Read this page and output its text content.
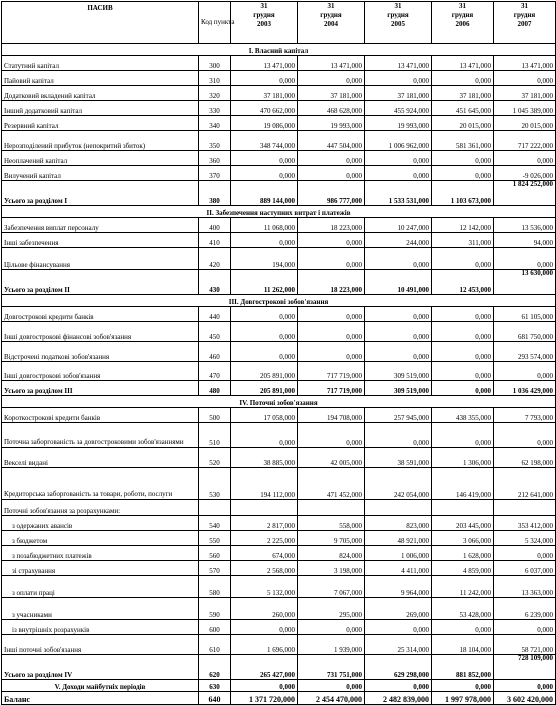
ПАСИВ	Код пункта	31
грудня
2003	31
грудня
2004	31
грудня
2005	31
грудня
2006	31
грудня
2007
І. Власний капітал						
Статутний капітал	300	13 471,000	13 471,000	13 471,000	13 471,000	13 471,000
Пайовий капітал	310	0,000	0,000	0,000	0,000	0,000
Додатковий вкладений капітал	320	37 181,000	37 181,000	37 181,000	37 181,000	37 181,000
Інший додатковий капітал	330	470 662,000	468 628,000	455 924,000	451 645,000	1 045 389,000
Резервний капітал	340	19 086,000	19 993,000	19 993,000	20 015,000	20 015,000
Нерозподілений прибуток (непокритий збиток)	350	348 744,000	447 504,000	1 006 962,000	581 361,000	717 222,000
Неоплачений капітал	360	0,000	0,000	0,000	0,000	0,000
Вилучений капітал	370	0,000	0,000	0,000	0,000	-9 026,000
Усього за розділом І	380	889 144,000	986 777,000	1 533 531,000	1 103 673,000	1 824 252,000
ІІ. Забезпечення наступних витрат і платежів						
Забезпечення виплат персоналу	400	11 068,000	18 223,000	10 247,000	12 142,000	13 536,000
Інші забезпечення	410	0,000	0,000	244,000	311,000	94,000
Цільове фінансування	420	194,000	0,000	0,000	0,000	0,000
Усього за розділом ІІ	430	11 262,000	18 223,000	10 491,000	12 453,000	13 630,000
ІІІ. Довгострокові зобов'язання						
Довгострокові кредити банків	440	0,000	0,000	0,000	0,000	61 105,000
Інші довгострокові фінансові зобов'язання	450	0,000	0,000	0,000	0,000	681 750,000
Відстрочені податкові зобов'язання	460	0,000	0,000	0,000	0,000	293 574,000
Інші довгострокові зобов'язання	470	205 891,000	717 719,000	309 519,000	0,000	0,000
Усього за розділом ІІІ	480	205 891,000	717 719,000	309 519,000	0,000	1 036 429,000
IV. Поточні зобов'язання						
Короткострокові кредити банків	500	17 058,000	194 708,000	257 945,000	438 355,000	7 793,000
Поточна заборгованість за довгостроковими зобов'язаннями	510	0,000	0,000	0,000	0,000	0,000
Векселі видані	520	38 885,000	42 005,000	38 591,000	1 306,000	62 198,000
Кредиторська заборгованість за товари, роботи, послуги	530	194 112,000	471 452,000	242 054,000	146 419,000	212 641,000
Поточні зобов'язання за розрахунками:						
з одержаних авансів	540	2 817,000	558,000	823,000	203 445,000	353 412,000
з бюджетом	550	2 225,000	9 705,000	48 921,000	3 066,000	5 324,000
з позабюджетних платежів	560	674,000	824,000	1 006,000	1 628,000	0,000
зі страхування	570	2 568,000	3 198,000	4 411,000	4 859,000	6 037,000
з оплати праці	580	5 132,000	7 067,000	9 964,000	11 242,000	13 363,000
з учасниками	590	260,000	295,000	269,000	53 428,000	6 239,000
із внутрішніх розрахунків	600	0,000	0,000	0,000	0,000	0,000
Інші поточні зобов'язання	610	1 696,000	1 939,000	25 314,000	18 104,000	58 721,000
Усього за розділом IV	620	265 427,000	731 751,000	629 298,000	881 852,000	728 109,000
V. Доходи майбутніх періодів	630	0,000	0,000	0,000	0,000	0,000
Баланс	640	1 371 720,000	2 454 470,000	2 482 839,000	1 997 978,000	3 602 420,000
